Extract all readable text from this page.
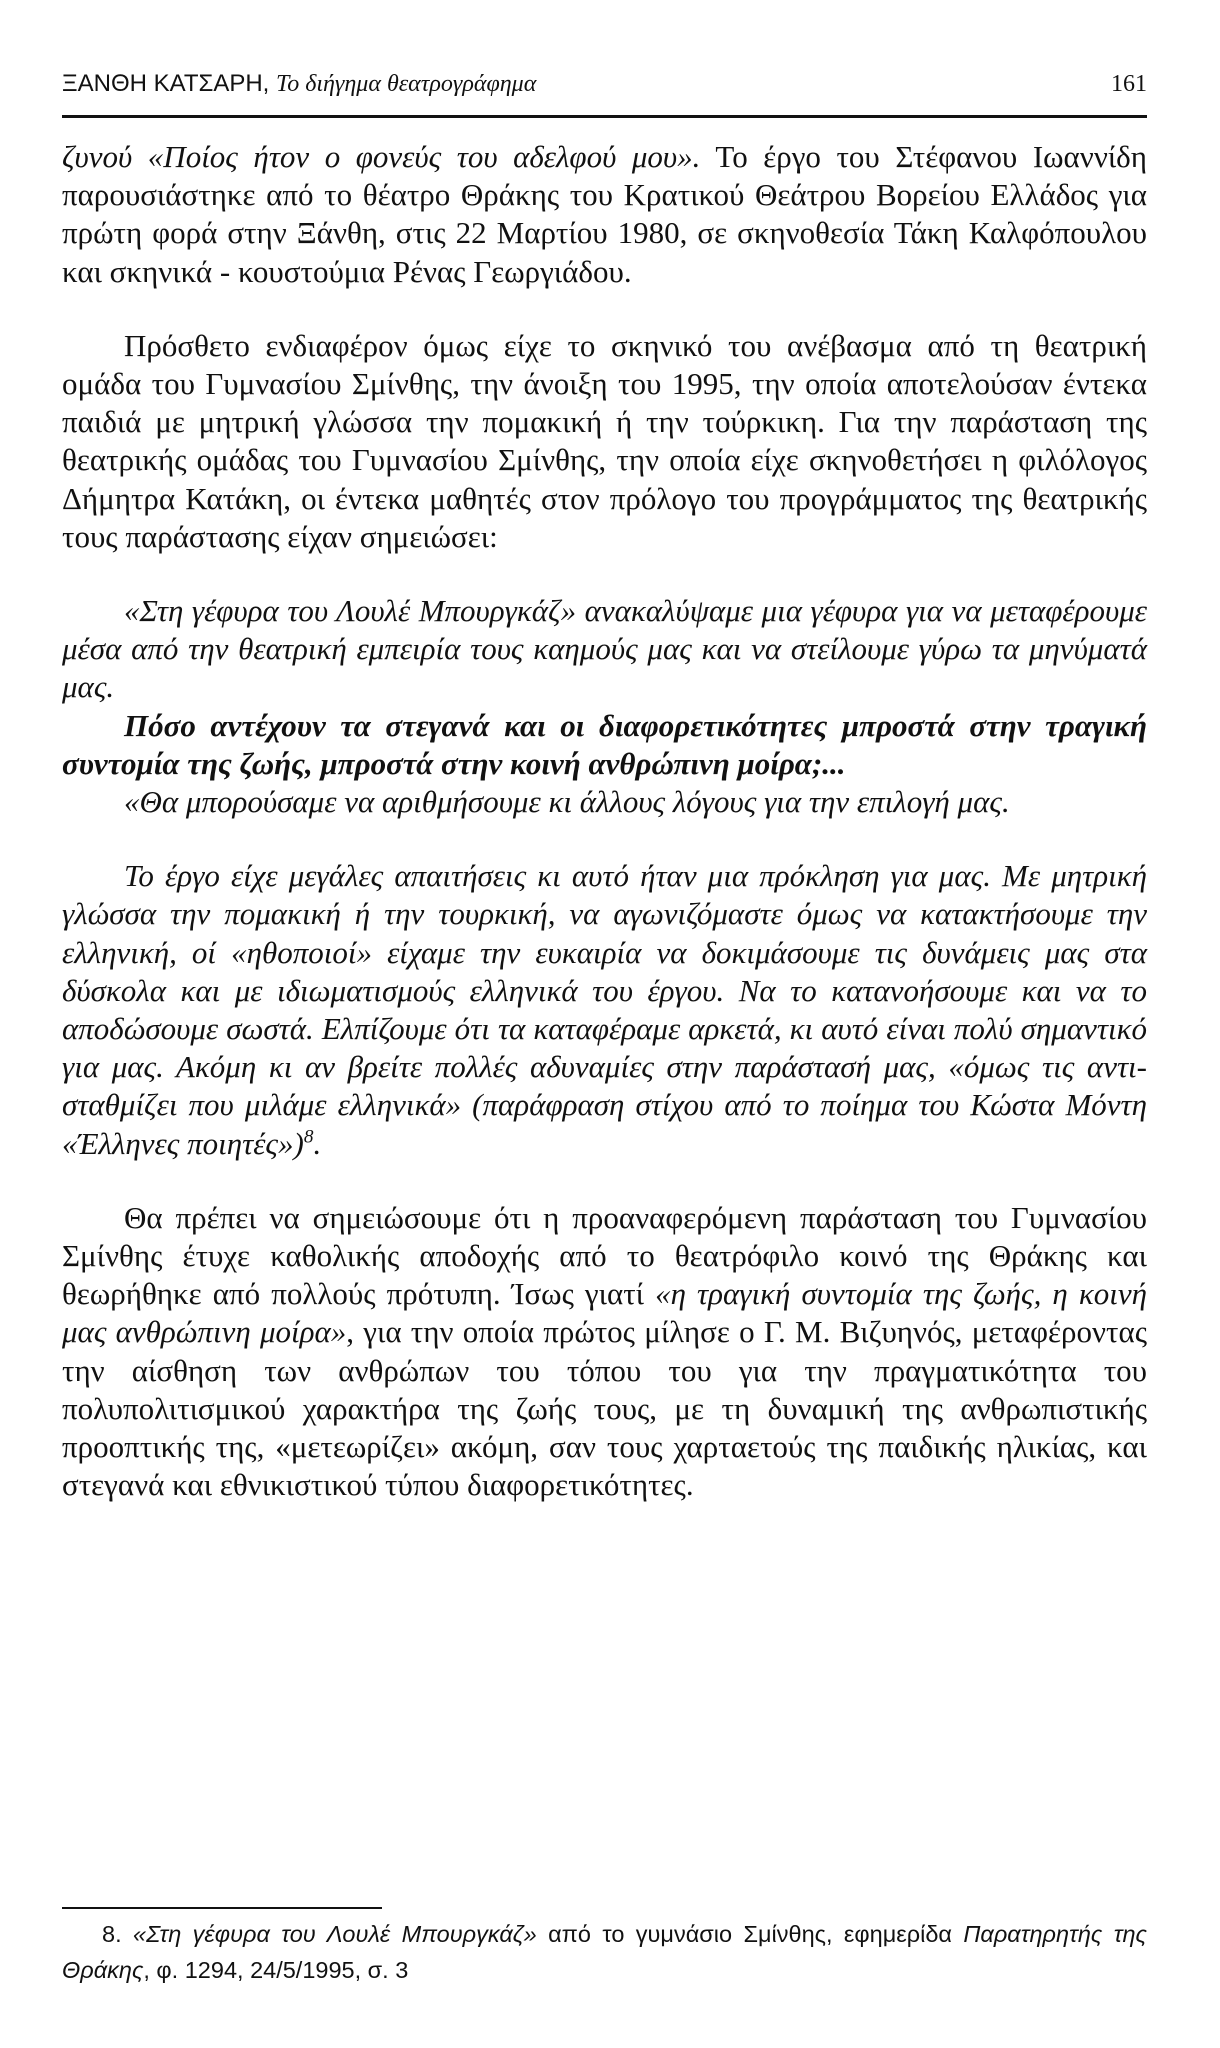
ΞΑΝΘΗ ΚΑΤΣΑΡΗ, Το διήγημα θεατρογράφημα	161

ζυνού «Ποίος ήτον ο φονεύς του αδελφού μου». Το έργο του Στέφανου Ιωαννίδη παρουσιάστηκε από το θέατρο Θράκης του Κρατικού Θεάτρου Βορείου Ελλάδος για πρώτη φορά στην Ξάνθη, στις 22 Μαρτίου 1980, σε σκηνοθεσία Τάκη Καλφόπουλου και σκηνικά - κουστούμια Ρένας Γεωργιάδου.

Πρόσθετο ενδιαφέρον όμως είχε το σκηνικό του ανέβασμα από τη θεατρική ομάδα του Γυμνασίου Σμίνθης, την άνοιξη του 1995, την οποία αποτελούσαν έντεκα παιδιά με μητρική γλώσσα την πομακική ή την τούρκικη. Για την παράσταση της θεατρικής ομάδας του Γυμνασίου Σμίνθης, την οποία είχε σκηνοθετήσει η φιλόλογος Δήμητρα Κατάκη, οι έντεκα μαθητές στον πρόλογο του προγράμματος της θεατρικής τους παράστασης είχαν σημειώσει:

«Στη γέφυρα του Λουλέ Μπουργκάζ» ανακαλύψαμε μια γέφυρα για να μεταφέρουμε μέσα από την θεατρική εμπειρία τους καημούς μας και να στείλουμε γύρω τα μηνύματά μας.

Πόσο αντέχουν τα στεγανά και οι διαφορετικότητες μπροστά στην τραγική συντομία της ζωής, μπροστά στην κοινή ανθρώπινη μοίρα;...

«Θα μπορούσαμε να αριθμήσουμε κι άλλους λόγους για την επιλογή μας.

Το έργο είχε μεγάλες απαιτήσεις κι αυτό ήταν μια πρόκληση για μας. Με μητρική γλώσσα την πομακική ή την τουρκική, να αγωνιζόμαστε όμως να κατακτήσουμε την ελληνική, οί «ηθοποιοί» είχαμε την ευκαιρία να δοκιμάσουμε τις δυνάμεις μας στα δύσκολα και με ιδιωματισμούς ελληνικά του έργου. Να το κατανοήσουμε και να το αποδώσουμε σωστά. Ελπίζουμε ότι τα καταφέραμε αρκετά, κι αυτό είναι πολύ σημαντικό για μας. Ακόμη κι αν βρείτε πολλές αδυναμίες στην παράστασή μας, «όμως τις αντισταθμίζει που μιλάμε ελληνικά» (παράφραση στίχου από το ποίημα του Κώστα Μόντη «Έλληνες ποιητές»)$^8$.

Θα πρέπει να σημειώσουμε ότι η προαναφερόμενη παράσταση του Γυμνασίου Σμίνθης έτυχε καθολικής αποδοχής από το θεατρόφιλο κοινό της Θράκης και θεωρήθηκε από πολλούς πρότυπη. Ίσως γιατί «η τραγική συντομία της ζωής, η κοινή μας ανθρώπινη μοίρα», για την οποία πρώτος μίλησε ο Γ. Μ. Βιζυηνός, μεταφέροντας την αίσθηση των ανθρώπων του τόπου του για την πραγματικότητα του πολυπολιτισμικού χαρακτήρα της ζωής τους, με τη δυναμική της ανθρωπιστικής προοπτικής της, «μετεωρίζει» ακόμη, σαν τους χαρταετούς της παιδικής ηλικίας, και στεγανά και εθνικιστικού τύπου διαφορετικότητες.

8. «Στη γέφυρα του Λουλέ Μπουργκάζ» από το γυμνάσιο Σμίνθης, εφημερίδα Παρατηρητής της Θράκης, φ. 1294, 24/5/1995, σ. 3
